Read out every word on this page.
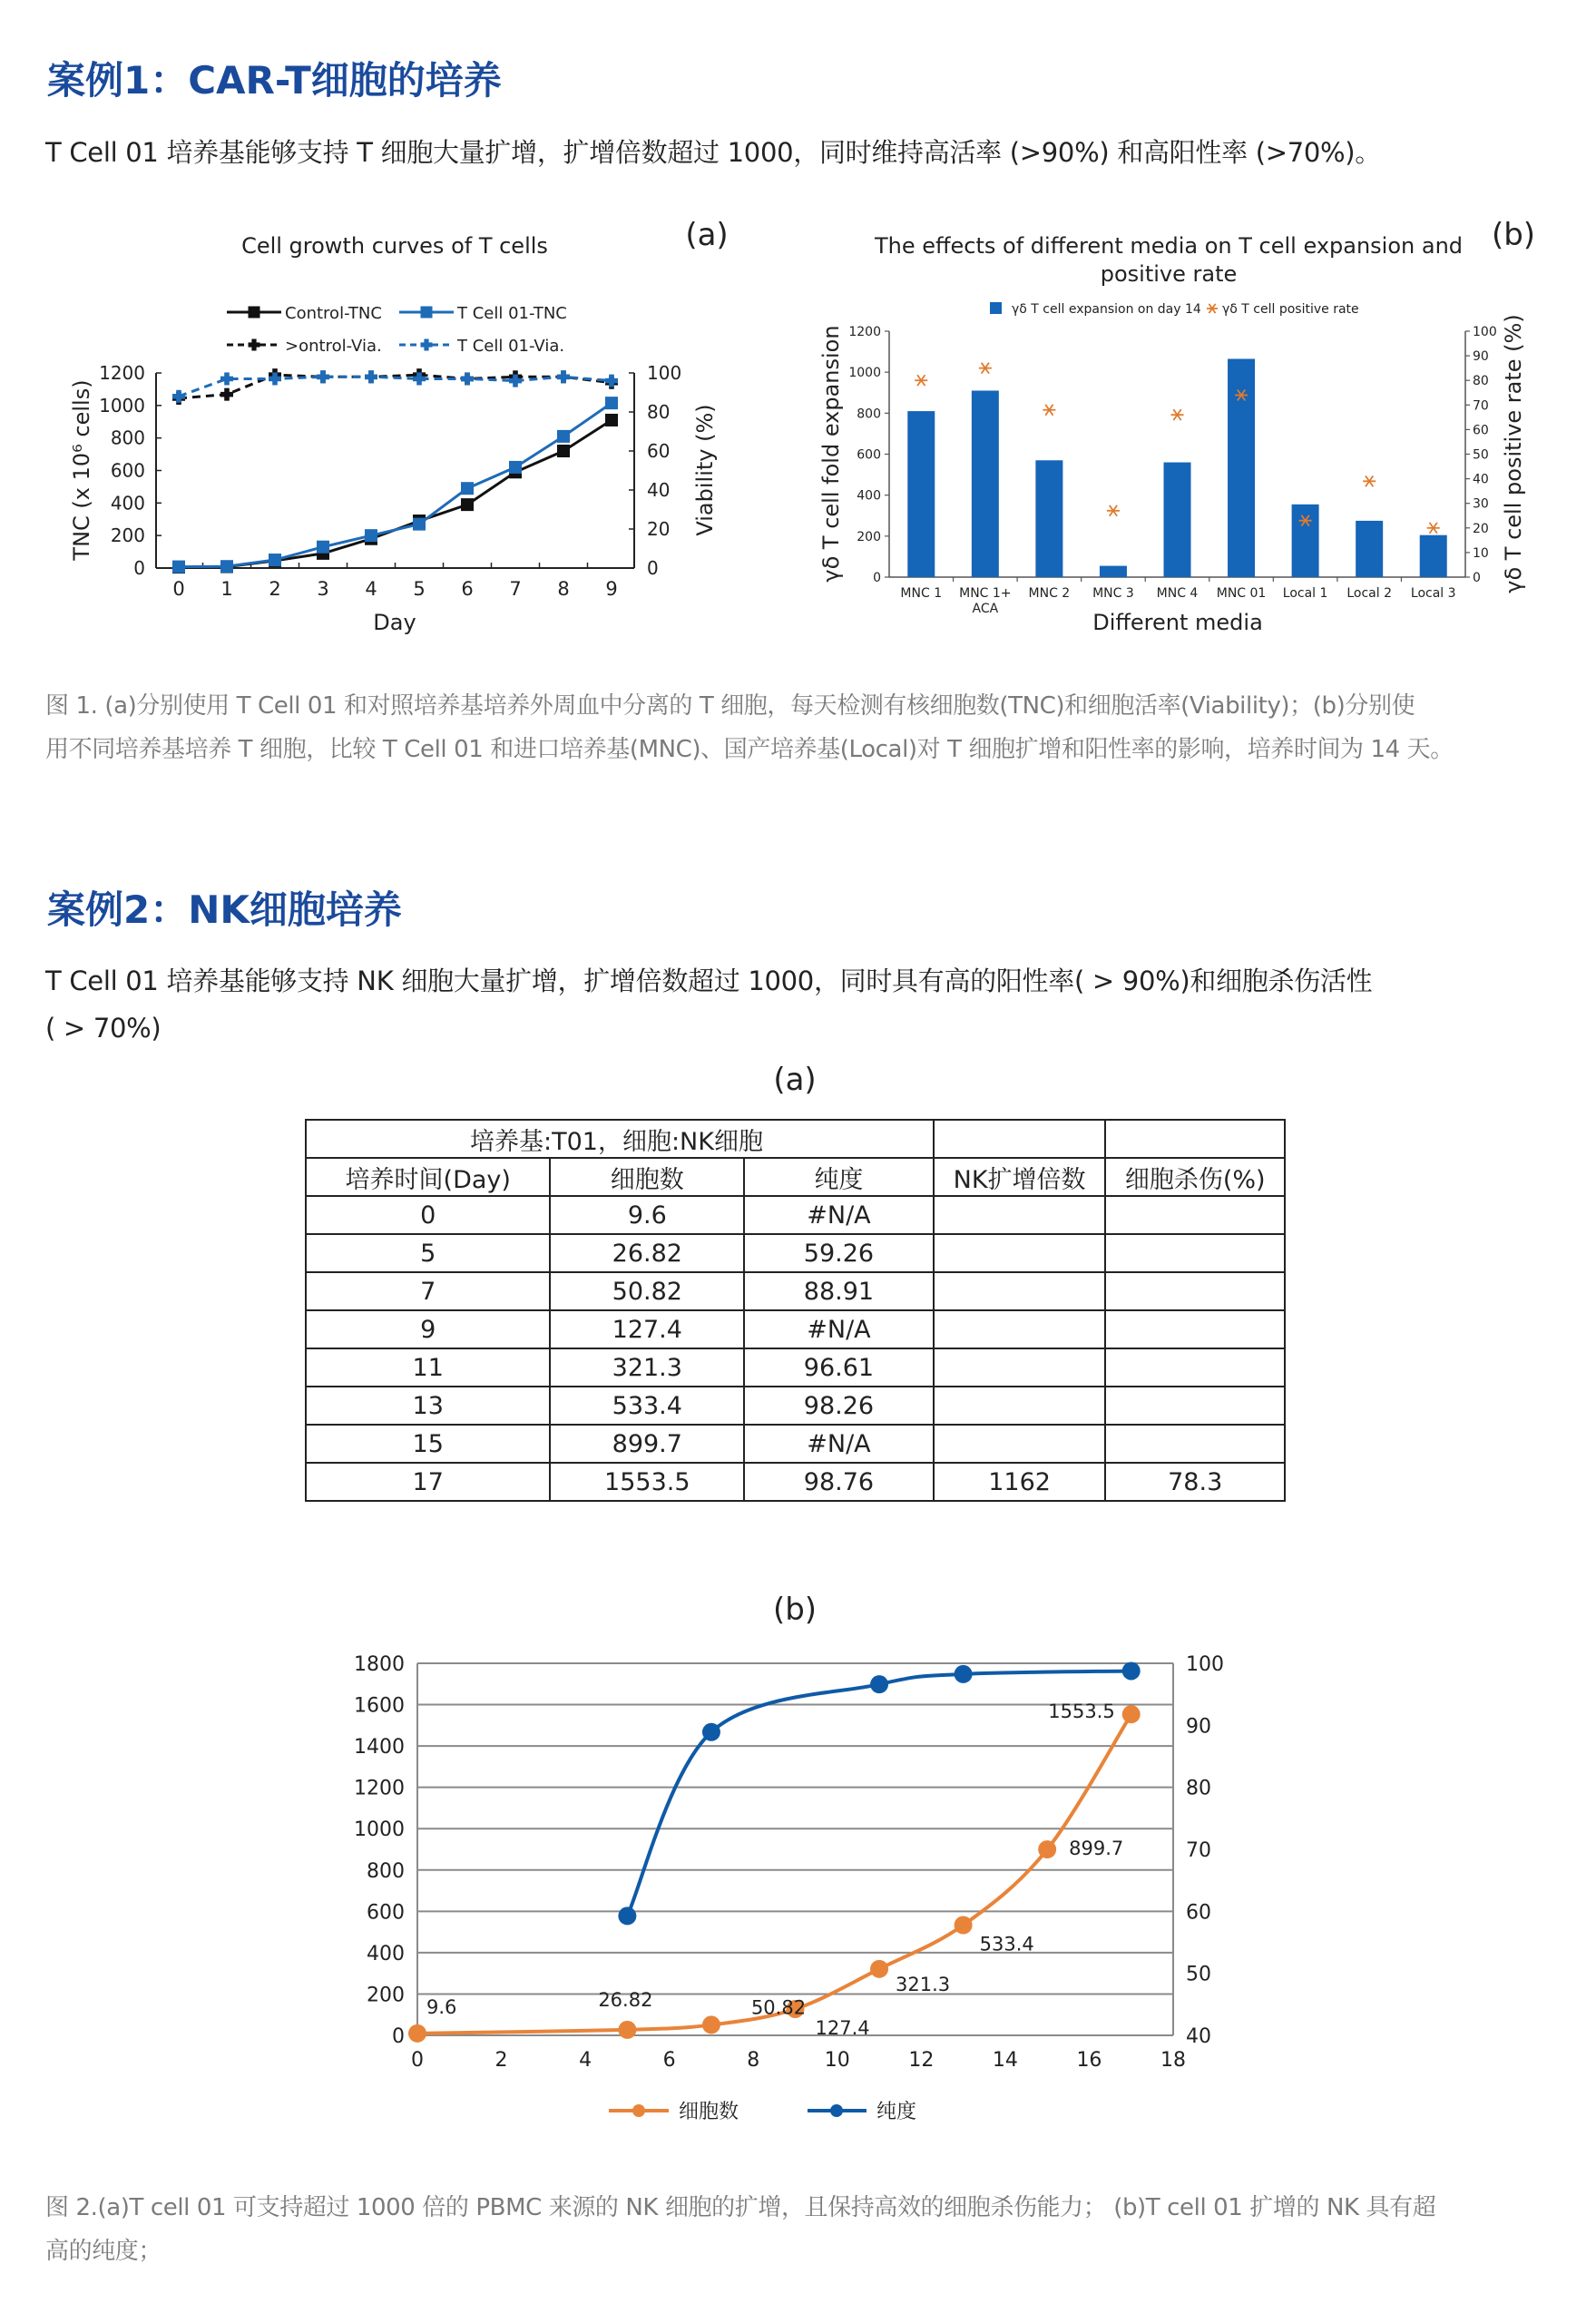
案例1：CAR-T细胞的培养
T Cell 01 培养基能够支持 T 细胞大量扩增，扩增倍数超过 1000，同时维持高活率 (>90%) 和高阳性率 (>70%)。
Cell growth curves of T cells	(a)
0
200
400
600
800
1000
1200
0
20
40
60
80
100
0 1 2 3 4 5 6 7 8 9
Day
TNC (x 10⁶ cells)	Viability (%)
Control-TNC	T Cell 01-TNC
>ontrol-Via.	T Cell 01-Via.
The effects of different media on T cell expansion and
positive rate
(b)
γδ T cell expansion on day 14 γδ T cell positive rate
0
200
400
600
800
1000
1200
0
10
20
30
40
50
60
70
80
90
100
MNC 1 MNC 1+
ACA
MNC 2 MNC 3 MNC 4 MNC 01 Local 1 Local 2 Local 3
Different media
γδ T cell fold expansion	γδ T cell positive rate (%)
图 1. (a)分别使用 T Cell 01 和对照培养基培养外周血中分离的 T 细胞，每天检测有核细胞数(TNC)和细胞活率(Viability)；(b)分别使
用不同培养基培养 T 细胞，比较 T Cell 01 和进口培养基(MNC)、国产培养基(Local)对 T 细胞扩增和阳性率的影响，培养时间为 14 天。
案例2：NK细胞培养
T Cell 01 培养基能够支持 NK 细胞大量扩增，扩增倍数超过 1000，同时具有高的阳性率( > 90%)和细胞杀伤活性
( > 70%)
(a)
培养基:T01，细胞:NK细胞				
培养时间(Day)	细胞数	纯度	NK扩增倍数	细胞杀伤(%)
0	9.6	#N/A		
5	26.82	59.26		
7	50.82	88.91		
9	127.4	#N/A		
11	321.3	96.61		
13	533.4	98.26		
15	899.7	#N/A		
17	1553.5	98.76	1162	78.3
(b)
0
200
400
600
800
1000
1200
1400
1600
1800
40
50
60
70
80
90
100
0	2	4	6	8	10	12	14	16	18
9.6	26.82	50.82
127.4
321.3
533.4
899.7
1553.5
细胞数	纯度
图 2.(a)T cell 01 可支持超过 1000 倍的 PBMC 来源的 NK 细胞的扩增，且保持高效的细胞杀伤能力； (b)T cell 01 扩增的 NK 具有超
高的纯度；
